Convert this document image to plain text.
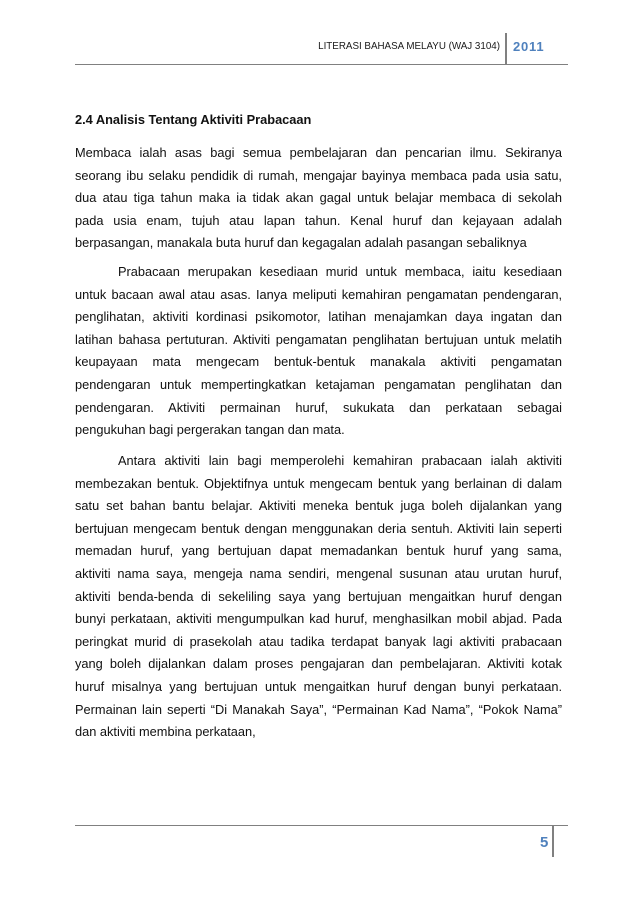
LITERASI BAHASA MELAYU (WAJ 3104) 2011
2.4 Analisis Tentang Aktiviti Prabacaan
Membaca ialah asas bagi semua pembelajaran dan pencarian ilmu. Sekiranya
seorang ibu selaku pendidik di rumah, mengajar bayinya membaca pada usia satu,
dua atau tiga tahun maka ia tidak akan gagal untuk belajar membaca di sekolah
pada usia enam, tujuh atau lapan tahun. Kenal huruf dan kejayaan adalah
berpasangan, manakala buta huruf dan kegagalan adalah pasangan sebaliknya
Prabacaan merupakan kesediaan murid untuk membaca, iaitu kesediaan
untuk bacaan awal atau asas. Ianya meliputi kemahiran pengamatan pendengaran,
penglihatan, aktiviti kordinasi psikomotor, latihan menajamkan daya ingatan dan
latihan bahasa pertuturan. Aktiviti pengamatan penglihatan bertujuan untuk melatih
keupayaan mata mengecam bentuk-bentuk manakala aktiviti pengamatan
pendengaran untuk mempertingkatkan ketajaman pengamatan penglihatan dan
pendengaran. Aktiviti permainan huruf, sukukata dan perkataan sebagai
pengukuhan bagi pergerakan tangan dan mata.
Antara aktiviti lain bagi memperolehi kemahiran prabacaan ialah aktiviti
membezakan bentuk. Objektifnya untuk mengecam bentuk yang berlainan di dalam
satu set bahan bantu belajar. Aktiviti meneka bentuk juga boleh dijalankan yang
bertujuan mengecam bentuk dengan menggunakan deria sentuh. Aktiviti lain seperti
memadan huruf, yang bertujuan dapat memadankan bentuk huruf yang sama,
aktiviti nama saya, mengeja nama sendiri, mengenal susunan atau urutan huruf,
aktiviti benda-benda di sekeliling saya yang bertujuan mengaitkan huruf dengan
bunyi perkataan, aktiviti mengumpulkan kad huruf, menghasilkan mobil abjad. Pada
peringkat murid di prasekolah atau tadika terdapat banyak lagi aktiviti prabacaan
yang boleh dijalankan dalam proses pengajaran dan pembelajaran. Aktiviti kotak
huruf misalnya yang bertujuan untuk mengaitkan huruf dengan bunyi perkataan.
Permainan lain seperti “Di Manakah Saya”, “Permainan Kad Nama”, “Pokok Nama”
dan aktiviti membina perkataan,
5
